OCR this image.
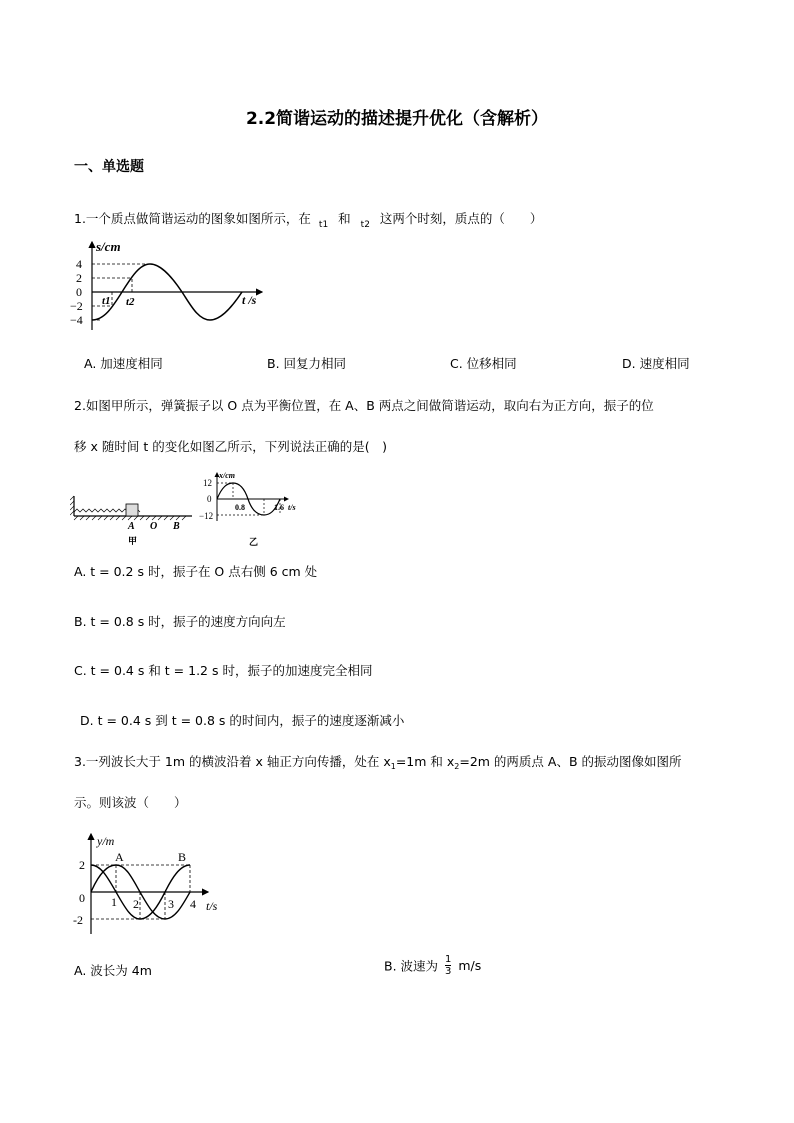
2.2简谐运动的描述提升优化（含解析）
一、单选题
1.一个质点做简谐运动的图象如图所示，在 $_{t1}$ 和 $_{t2}$ 这两个时刻，质点的（　　）
s/cm
4
2
0
−2
−4
t1 t2	t /s
A. 加速度相同	B. 回复力相同	C. 位移相同	D. 速度相同
2.如图甲所示，弹簧振子以 O 点为平衡位置，在 A、B 两点之间做简谐运动，取向右为正方向，振子的位
移 x 随时间 t 的变化如图乙所示，下列说法正确的是(　)
A O B
甲
x/cm
12
0
−12
0.8	1.6 t/s
乙
A. t = 0.2 s 时，振子在 O 点右侧 6 cm 处
B. t = 0.8 s 时，振子的速度方向向左
C. t = 0.4 s 和 t = 1.2 s 时，振子的加速度完全相同
D. t = 0.4 s 到 t = 0.8 s 的时间内，振子的速度逐渐减小
3.一列波长大于 1m 的横波沿着 x 轴正方向传播，处在 $x_1=1m$ 和 $x_2=2m$ 的两质点 A、B 的振动图像如图所
示。则该波（　　）
y/m
A	B
2
0
-2
1 2 3 4 t/s
A. 波长为 4m	B. 波速为 $\frac{1}{3} m/s$
